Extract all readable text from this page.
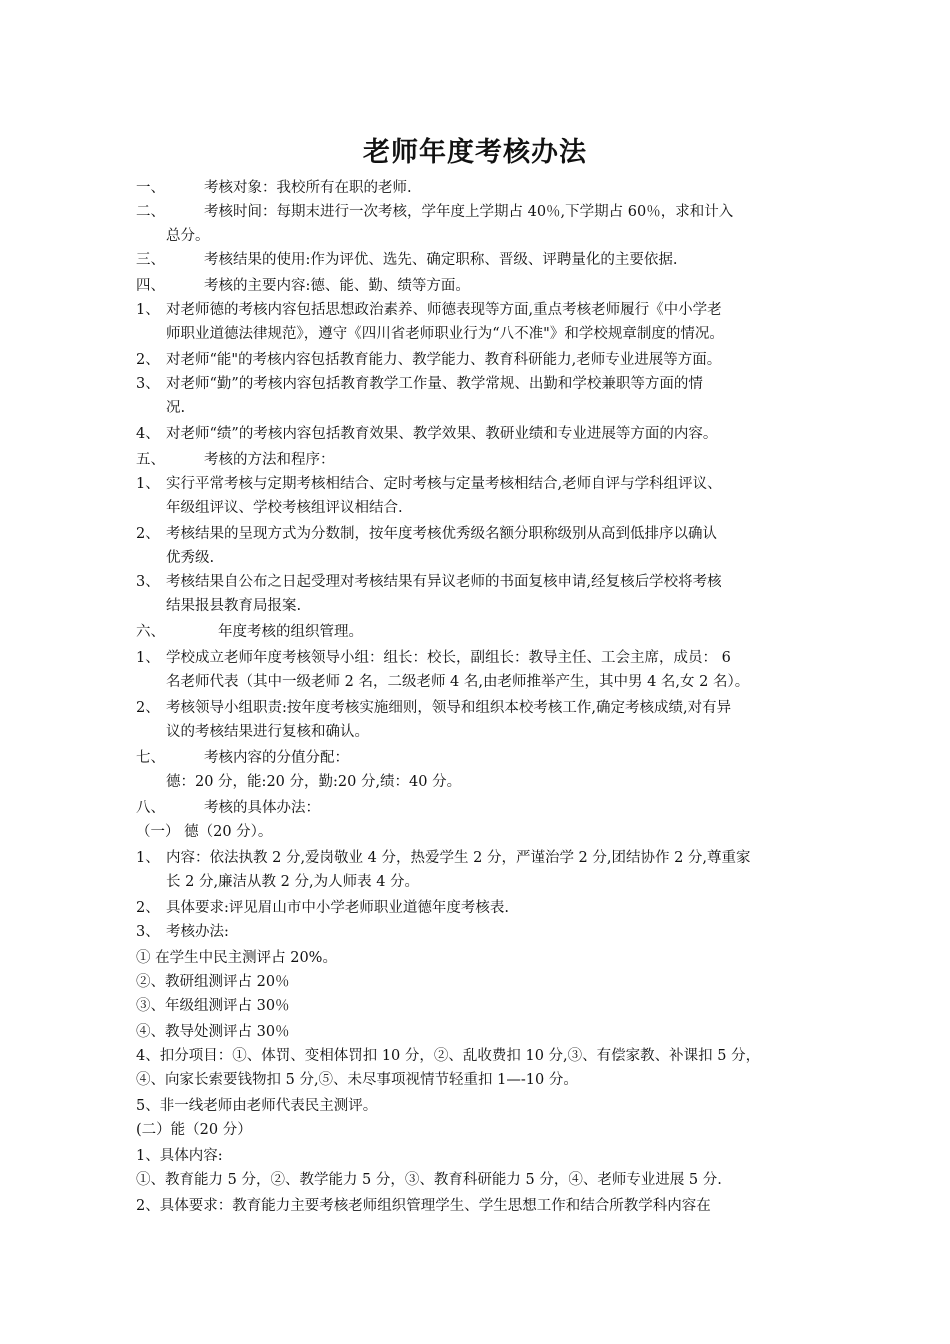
老师年度考核办法
一、	考核对象：我校所有在职的老师.
二、	考核时间：每期末进行一次考核，学年度上学期占 40％,下学期占 60％，求和计入
总分。
三、	考核结果的使用:作为评优、选先、确定职称、晋级、评聘量化的主要依据.
四、	考核的主要内容:德、能、勤、绩等方面。
1、 对老师德的考核内容包括思想政治素养、师德表现等方面,重点考核老师履行《中小学老
师职业道德法律规范》，遵守《四川省老师职业行为“八不准"》和学校规章制度的情况。
2、 对老师“能"的考核内容包括教育能力、教学能力、教育科研能力,老师专业进展等方面。
3、 对老师“勤”的考核内容包括教育教学工作量、教学常规、出勤和学校兼职等方面的情
况.
4、 对老师“绩”的考核内容包括教育效果、教学效果、教研业绩和专业进展等方面的内容。
五、	考核的方法和程序：
1、 实行平常考核与定期考核相结合、定时考核与定量考核相结合,老师自评与学科组评议、
年级组评议、学校考核组评议相结合.
2、 考核结果的呈现方式为分数制，按年度考核优秀级名额分职称级别从高到低排序以确认
优秀级.
3、 考核结果自公布之日起受理对考核结果有异议老师的书面复核申请,经复核后学校将考核
结果报县教育局报案.
六、	年度考核的组织管理。
1、 学校成立老师年度考核领导小组：组长：校长，副组长：教导主任、工会主席，成员： 6
名老师代表（其中一级老师 2 名，二级老师 4 名,由老师推举产生，其中男 4 名,女 2 名）。
2、 考核领导小组职责:按年度考核实施细则，领导和组织本校考核工作,确定考核成绩,对有异
议的考核结果进行复核和确认。
七、	考核内容的分值分配：
德：20 分，能:20 分，勤:20 分,绩：40 分。
八、	考核的具体办法：
（一） 德（20 分）。
1、 内容：依法执教 2 分,爱岗敬业 4 分，热爱学生 2 分，严谨治学 2 分,团结协作 2 分,尊重家
长 2 分,廉洁从教 2 分,为人师表 4 分。
2、 具体要求:评见眉山市中小学老师职业道德年度考核表.
3、 考核办法:
① 在学生中民主测评占 20%。
②、教研组测评占 20％
③、年级组测评占 30％
④、教导处测评占 30％
4、扣分项目：①、体罚、变相体罚扣 10 分，②、乱收费扣 10 分,③、有偿家教、补课扣 5 分，
④、向家长索要钱物扣 5 分,⑤、未尽事项视情节轻重扣 1—-10 分。
5、非一线老师由老师代表民主测评。
(二）能（20 分）
1、具体内容:
①、教育能力 5 分，②、教学能力 5 分，③、教育科研能力 5 分，④、老师专业进展 5 分.
2、具体要求：教育能力主要考核老师组织管理学生、学生思想工作和结合所教学科内容在
